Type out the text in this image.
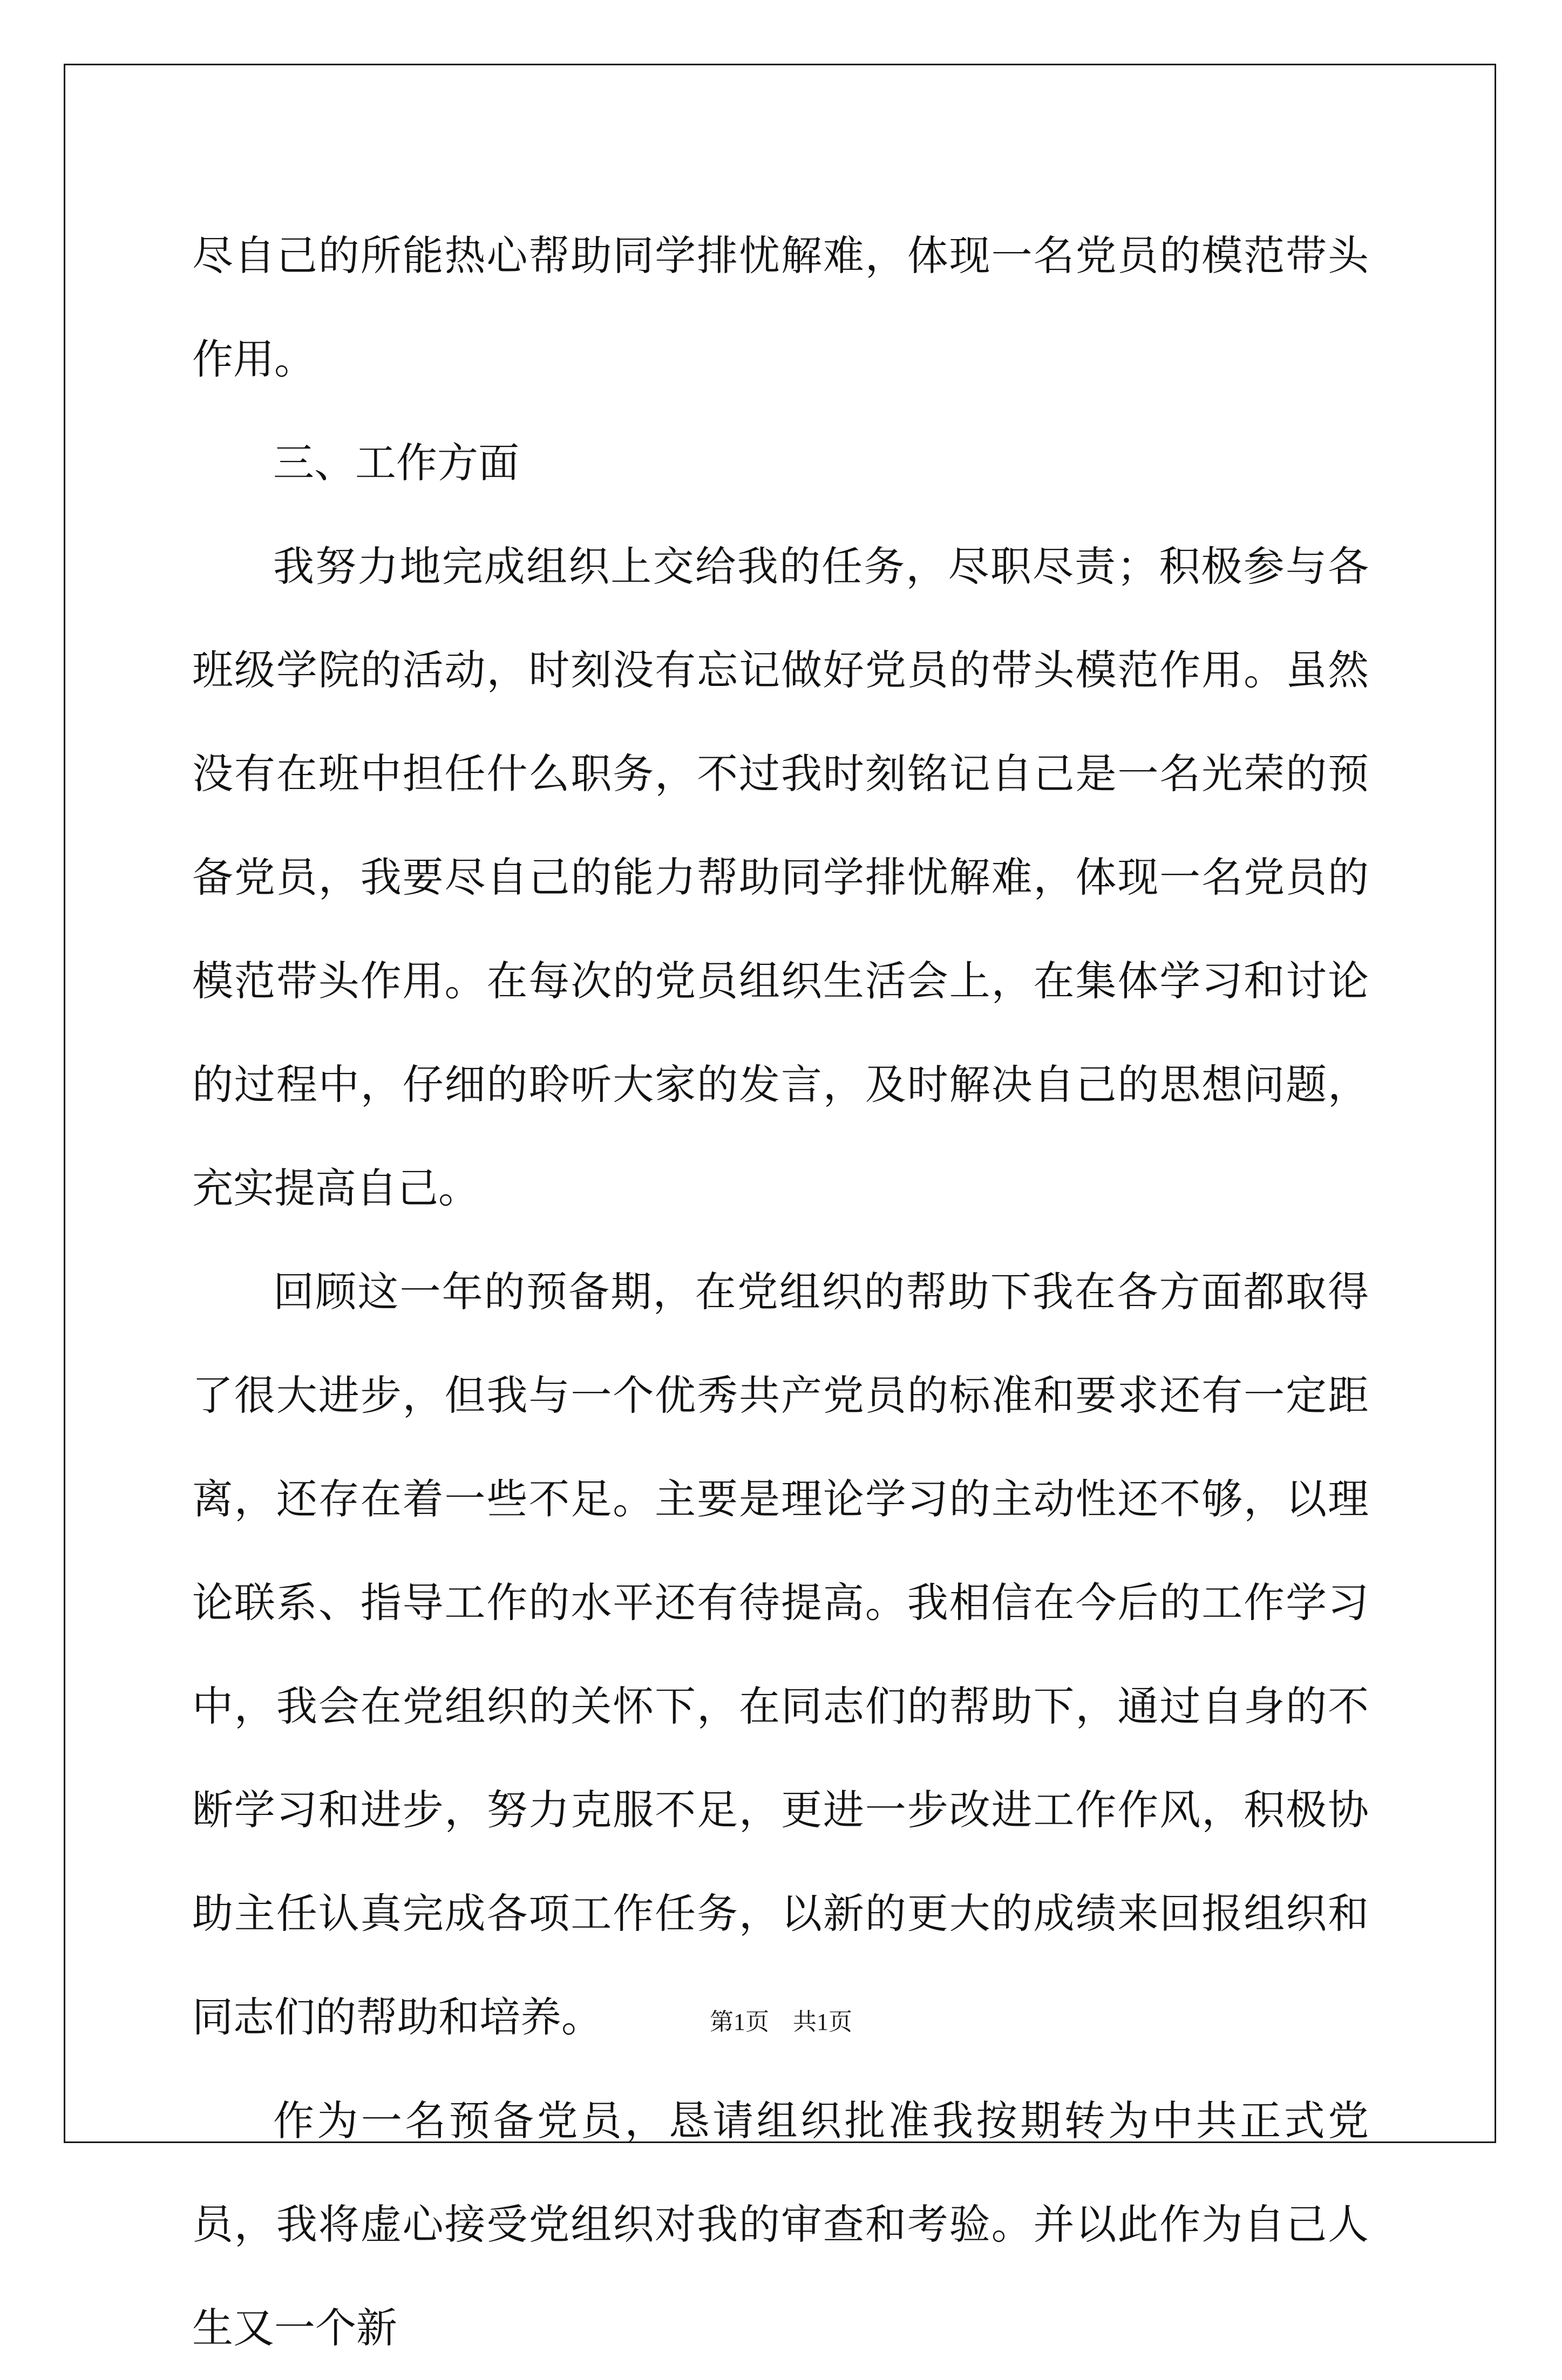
尽自己的所能热心帮助同学排忧解难，体现一名党员的模范带头作用。

三、工作方面

我努力地完成组织上交给我的任务，尽职尽责；积极参与各班级学院的活动，时刻没有忘记做好党员的带头模范作用。虽然没有在班中担任什么职务，不过我时刻铭记自己是一名光荣的预备党员，我要尽自己的能力帮助同学排忧解难，体现一名党员的模范带头作用。在每次的党员组织生活会上，在集体学习和讨论的过程中，仔细的聆听大家的发言，及时解决自己的思想问题，充实提高自己。

回顾这一年的预备期，在党组织的帮助下我在各方面都取得了很大进步，但我与一个优秀共产党员的标准和要求还有一定距离，还存在着一些不足。主要是理论学习的主动性还不够，以理论联系、指导工作的水平还有待提高。我相信在今后的工作学习中，我会在党组织的关怀下，在同志们的帮助下，通过自身的不断学习和进步，努力克服不足，更进一步改进工作作风，积极协助主任认真完成各项工作任务，以新的更大的成绩来回报组织和同志们的帮助和培养。

作为一名预备党员，恳请组织批准我按期转为中共正式党员，我将虚心接受党组织对我的审查和考验。并以此作为自己人生又一个新

第1页　共1页
